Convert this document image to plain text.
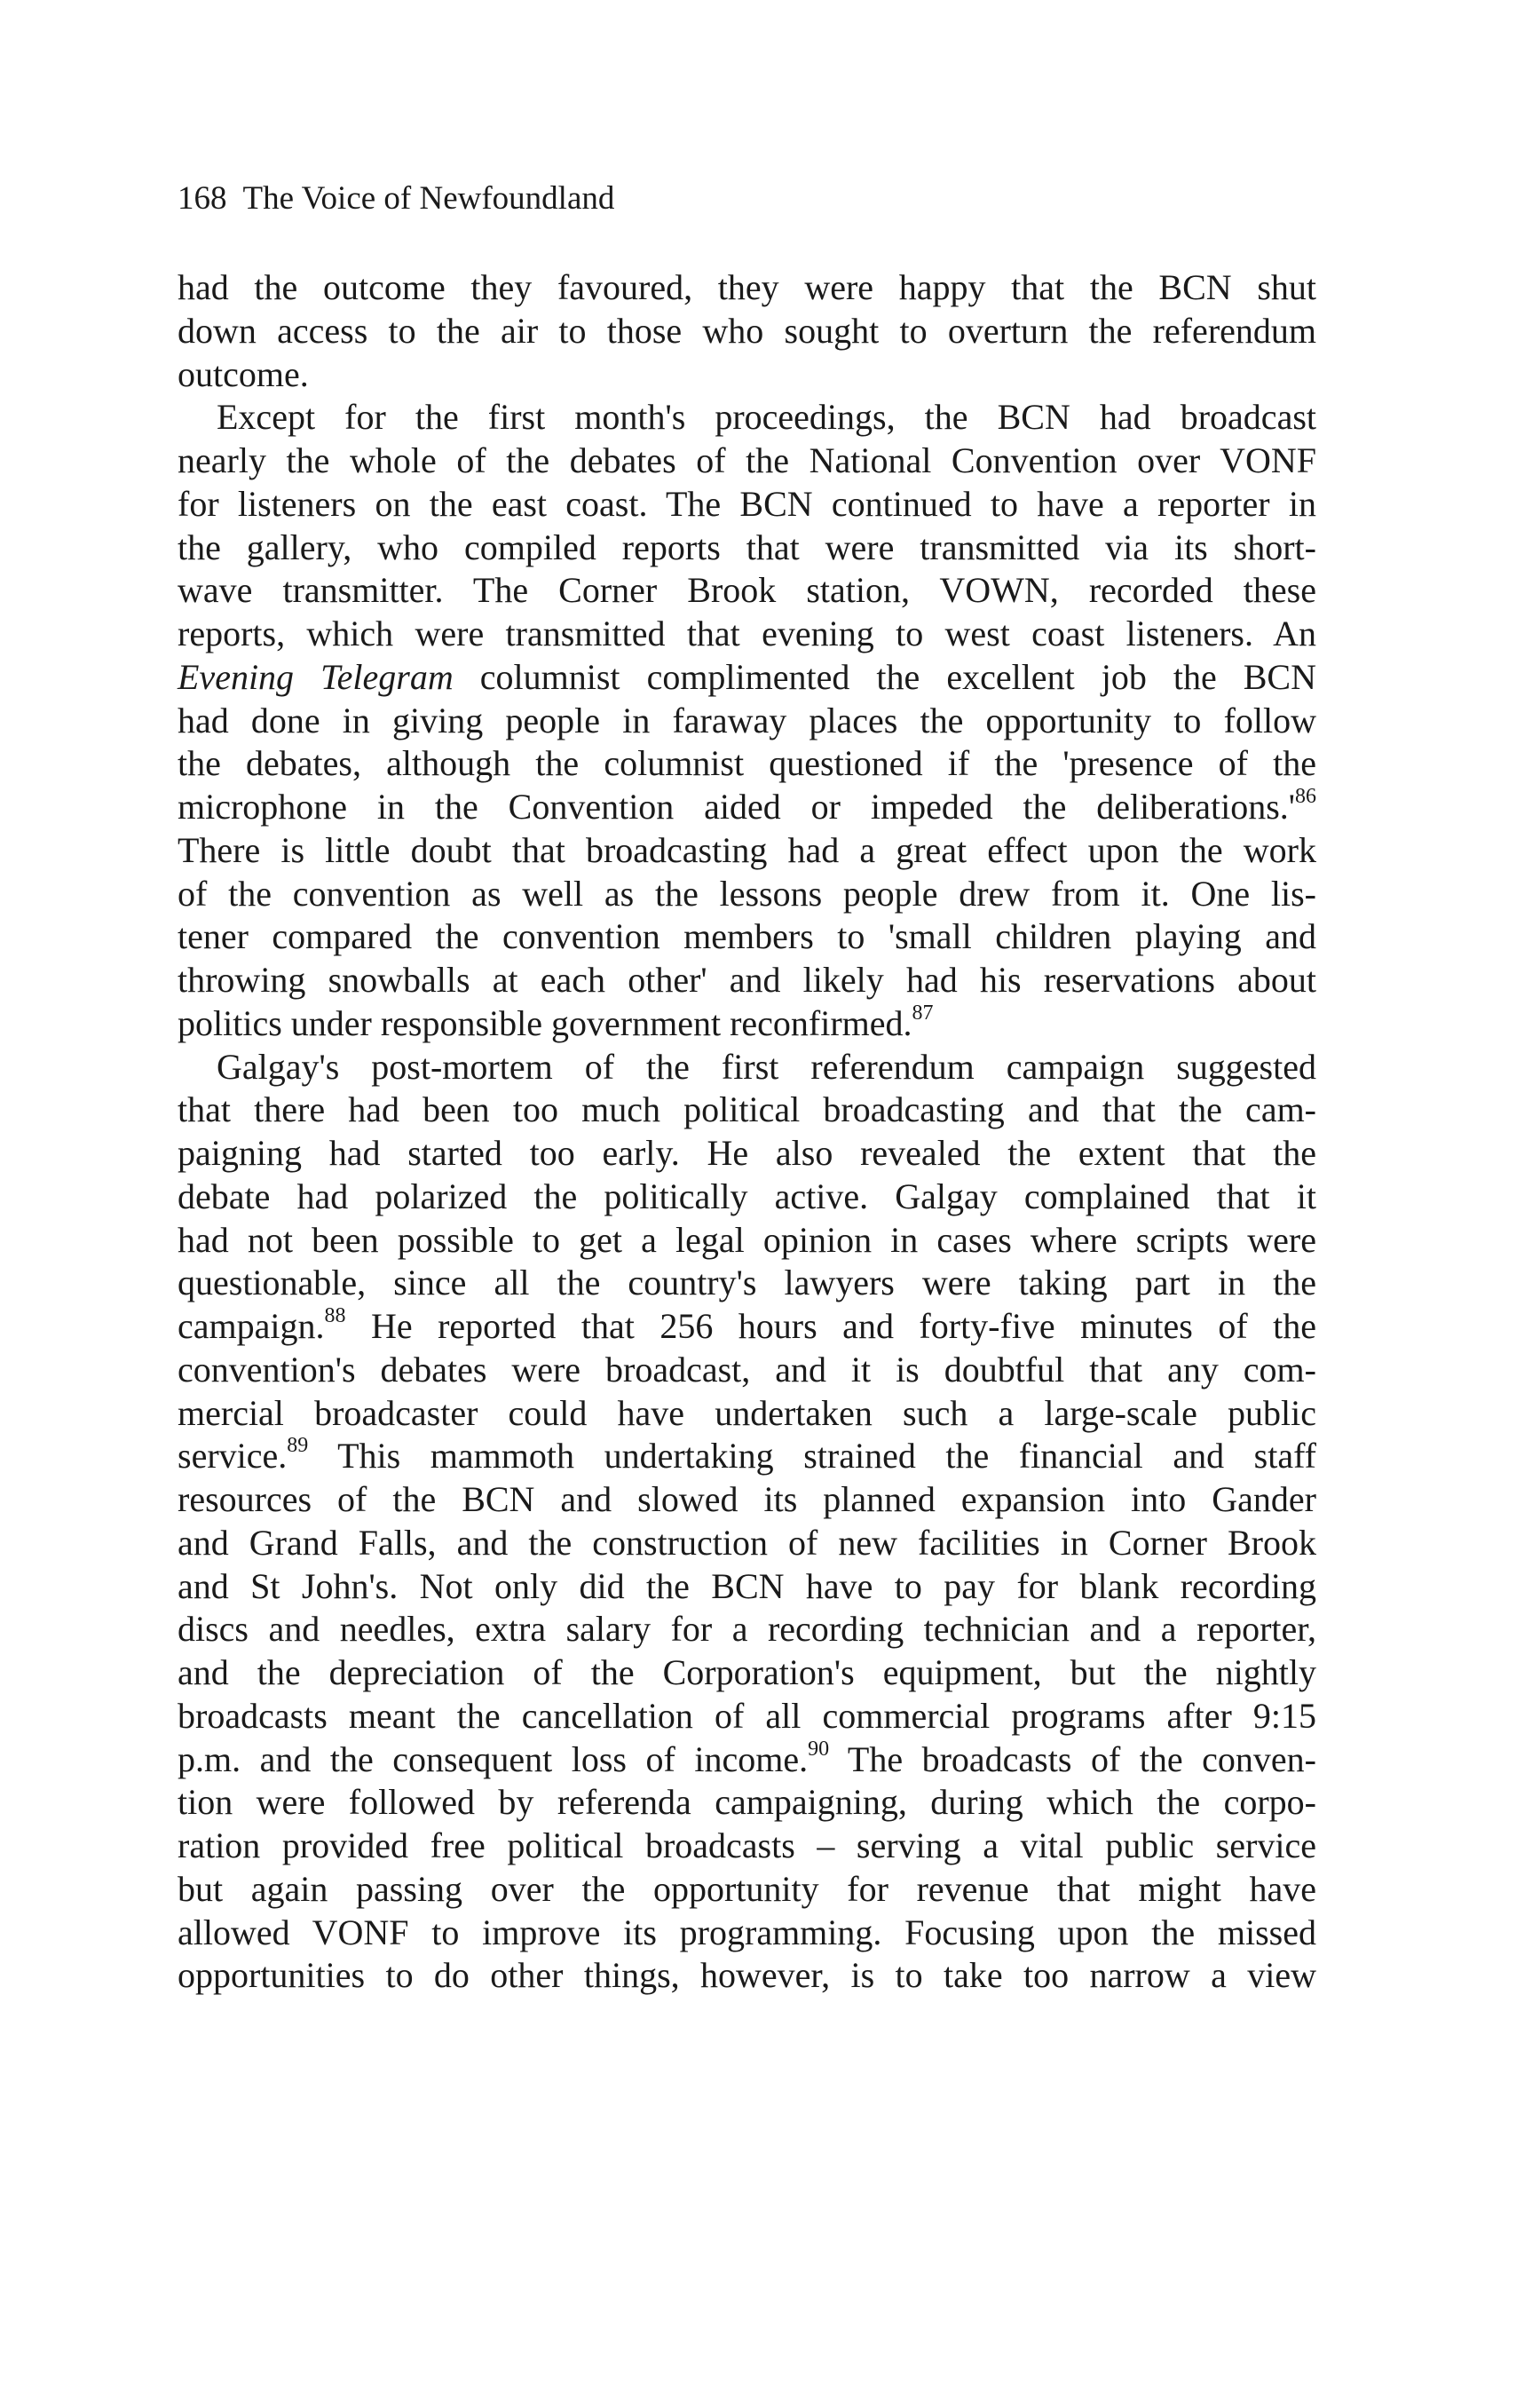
168 The Voice of Newfoundland
had the outcome they favoured, they were happy that the BCN shut
down access to the air to those who sought to overturn the referendum
outcome.
Except for the first month's proceedings, the BCN had broadcast
nearly the whole of the debates of the National Convention over VONF
for listeners on the east coast. The BCN continued to have a reporter in
the gallery, who compiled reports that were transmitted via its short-
wave transmitter. The Corner Brook station, VOWN, recorded these
reports, which were transmitted that evening to west coast listeners. An
Evening Telegram columnist complimented the excellent job the BCN
had done in giving people in faraway places the opportunity to follow
the debates, although the columnist questioned if the 'presence of the
microphone in the Convention aided or impeded the $deliberations.'^{86}$
There is little doubt that broadcasting had a great effect upon the work
of the convention as well as the lessons people drew from it. One lis-
tener compared the convention members to 'small children playing and
throwing snowballs at each other' and likely had his reservations about
politics under responsible government reconfirmed.$^{87}$
Galgay's post-mortem of the first referendum campaign suggested
that there had been too much political broadcasting and that the cam-
paigning had started too early. He also revealed the extent that the
debate had polarized the politically active. Galgay complained that it
had not been possible to get a legal opinion in cases where scripts were
questionable, since all the country's lawyers were taking part in the
campaign.$^{88}$ He reported that 256 hours and forty-five minutes of the
convention's debates were broadcast, and it is doubtful that any com-
mercial broadcaster could have undertaken such a large-scale public
service.$^{89}$ This mammoth undertaking strained the financial and staff
resources of the BCN and slowed its planned expansion into Gander
and Grand Falls, and the construction of new facilities in Corner Brook
and St John's. Not only did the BCN have to pay for blank recording
discs and needles, extra salary for a recording technician and a reporter,
and the depreciation of the Corporation's equipment, but the nightly
broadcasts meant the cancellation of all commercial programs after 9:15
p.m. and the consequent loss of income.$^{90}$ The broadcasts of the conven-
tion were followed by referenda campaigning, during which the corpo-
ration provided free political broadcasts – serving a vital public service
but again passing over the opportunity for revenue that might have
allowed VONF to improve its programming. Focusing upon the missed
opportunities to do other things, however, is to take too narrow a view
